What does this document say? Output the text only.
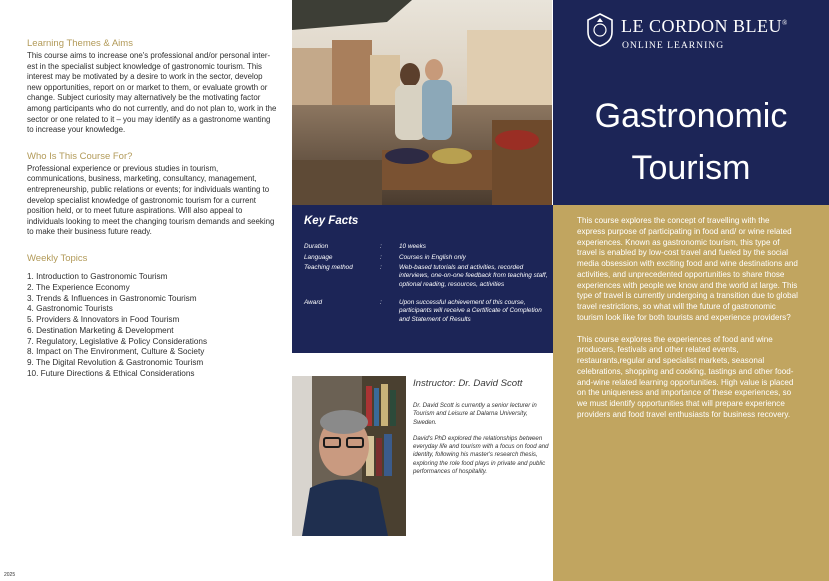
Learning Themes & Aims
This course aims to increase one's professional and/or personal inter-est in the specialist subject knowledge of gastronomic tourism. This interest may be motivated by a desire to work in the sector, develop new opportunities, report on or market to them, or evaluate growth or change. Subject curiosity may alternatively be the motivating factor among participants who do not currently, and do not plan to, work in the sector or one related to it – you may identify as a gastronome wanting to increase your knowledge.
Who Is This Course For?
Professional experience or previous studies in tourism, communications, business, marketing, consultancy, management, entrepreneurship, public relations or events; for individuals wanting to develop specialist knowledge of gastronomic tourism for a current position held, or to meet future aspirations. Will also appeal to individuals looking to meet the changing tourism demands and seeking to make their business future ready.
Weekly Topics
1. Introduction to Gastronomic Tourism
2. The Experience Economy
3. Trends & Influences in Gastronomic Tourism
4. Gastronomic Tourists
5. Providers & Innovators in Food Tourism
6. Destination Marketing & Development
7. Regulatory, Legislative & Policy Considerations
8. Impact on The Environment, Culture & Society
9. The Digital Revolution & Gastronomic Tourism
10. Future Directions & Ethical Considerations
2025
Key Facts
Duration	:	10 weeks
Language	:	Courses in English only
Teaching method	:	Web-based tutorials and activities, recorded interviews, one-on-one feedback from teaching staff, optional reading, resources, activities
Award	:	Upon successful achievement of this course, participants will receive a Certificate of Completion and Statement of Results
Instructor: Dr. David Scott

Dr. David Scott is currently a senior lecturer in Tourism and Leisure at Dalarna University, Sweden.

David's PhD explored the relationships between everyday life and tourism with a focus on food and identity, following his master's research thesis, exploring the role food plays in private and public performances of hospitality.

LE CORDON BLEU®
ONLINE LEARNING
Gastronomic
Tourism

This course explores the concept of travelling with the express purpose of participating in food and/ or wine related experiences. Known as gastronomic tourism, this type of travel is enabled by low-cost travel and fueled by the social media obsession with exciting food and wine destinations and activities, and unprecedented opportunities to share those experiences with people we know and the world at large. This type of travel is currently undergoing a transition due to global travel restrictions, so what will the future of gastronomic tourism look like for both tourists and experience providers?

This course explores the experiences of food and wine producers, festivals and other related events, restaurants,regular and specialist markets, seasonal celebrations, shopping and cooking, tastings and other food-and-wine related learning opportunities. High value is placed on the uniqueness and importance of these experiences, so we must identify opportunities that will prepare experience providers and food travel enthusiasts for business recovery.
